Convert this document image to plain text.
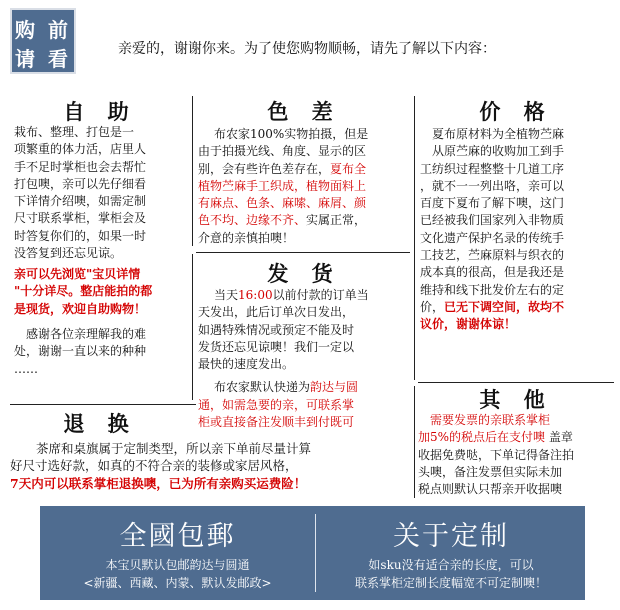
购 前
请 看	亲爱的，谢谢你来。为了使您购物顺畅，请先了解以下内容：
自 助
栽布、整理、打包是一
项繁重的体力活，店里人
手不足时掌柜也会去帮忙
打包噢，亲可以先仔细看
下详情介绍噢，如需定制
尺寸联系掌柜，掌柜会及
时答复你们的，如果一时
没答复到还忘见谅。
亲可以先浏览"宝贝详情
"十分详尽。整店能拍的都
是现货，欢迎自助购物！
感谢各位亲理解我的难
处，谢谢一直以来的种种
……
色 差
布农家100%实物拍摄，但是
由于拍摄光线、角度、显示的区
别，会有些许色差存在，夏布全
植物苎麻手工织成，植物面料上
有麻点、色条、麻嗦、麻屑、颜
色不均、边缘不齐、实属正常，
介意的亲慎拍噢！
发 货
当天16:00以前付款的订单当
天发出，此后订单次日发出，
如遇特殊情况或预定不能及时
发货还忘见谅噢！我们一定以
最快的速度发出。
布农家默认快递为韵达与圆
通，如需急要的亲，可联系掌
柜或直接备注发顺丰到付既可
价 格
夏布原材料为全植物苎麻
从原苎麻的收购加工到手
工纺织过程整整十几道工序
，就不一一列出咯，亲可以
百度下夏布了解下噢，这门
已经被我们国家列入非物质
文化遗产保护名录的传统手
工技艺，苎麻原料与织衣的
成本真的很高，但是我还是
维持和线下批发价左右的定
价，已无下调空间，故均不
议价，谢谢体谅！
其 他
需要发票的亲联系掌柜
加5%的税点后在支付噢 盖章
收据免费哒，下单记得备注拍
头噢，备注发票但实际未加
税点则默认只帮亲开收据噢
退 换
茶席和桌旗属于定制类型，所以亲下单前尽量计算
好尺寸选好款，如真的不符合亲的装修或家居风格，
7天内可以联系掌柜退换噢，已为所有亲购买运费险！
全國包郵
本宝贝默认包邮韵达与圆通
<新疆、西藏、内蒙、默认发邮政>
关于定制
如sku没有适合亲的长度，可以
联系掌柜定制长度幅宽不可定制噢！
